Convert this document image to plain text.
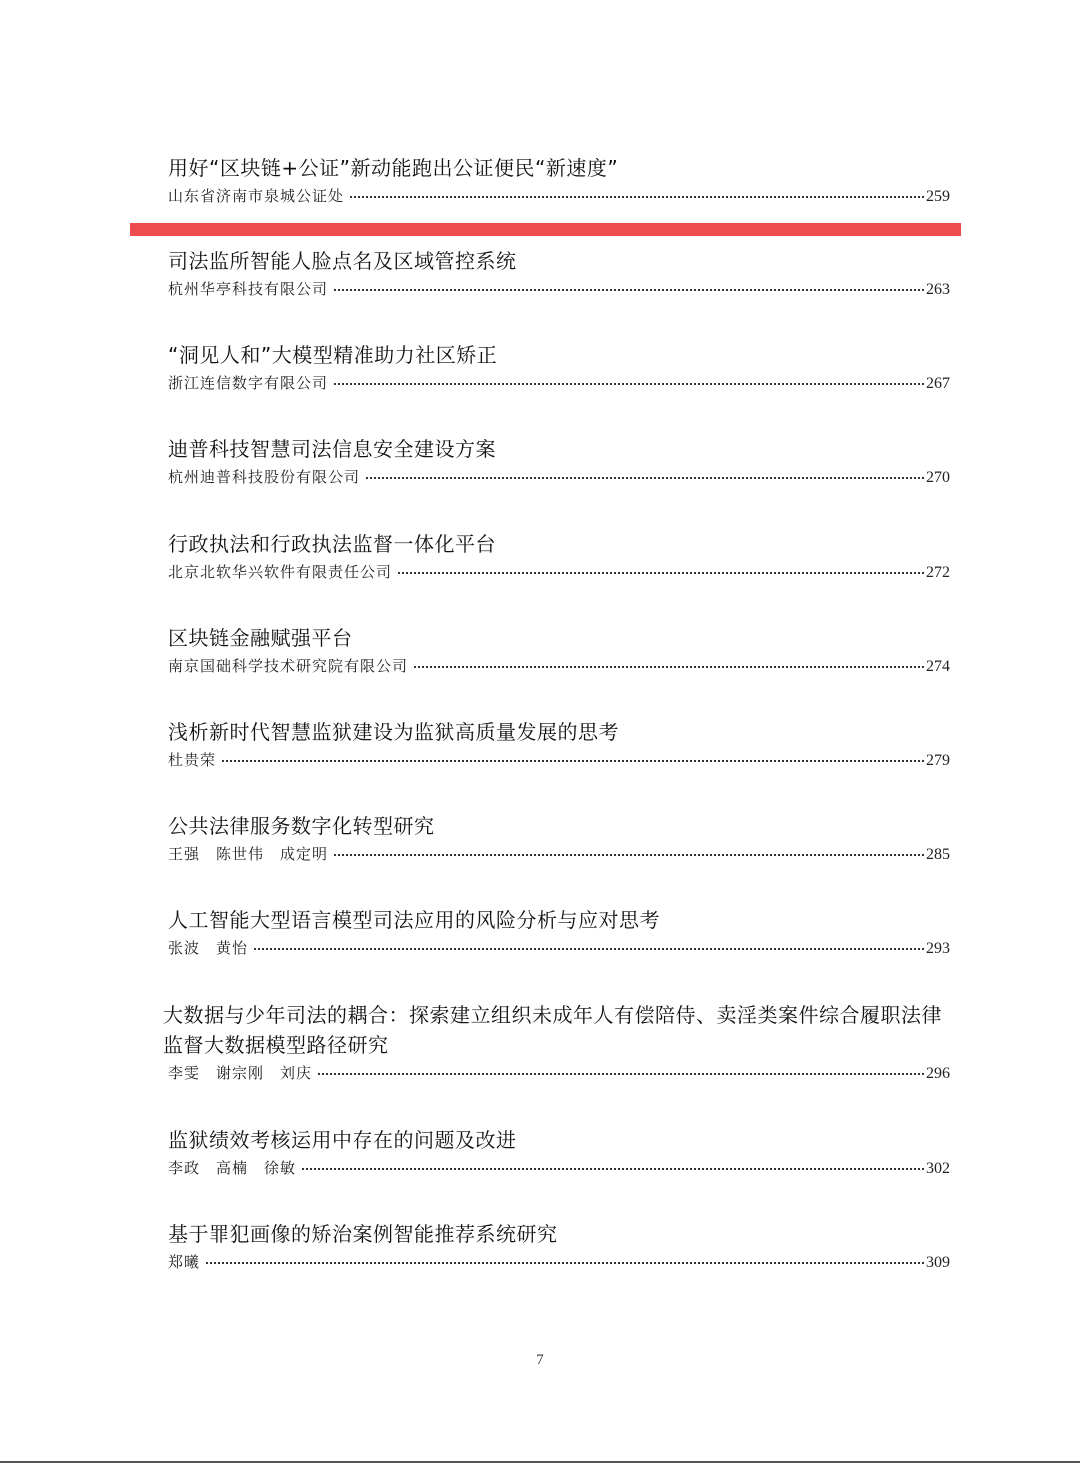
用好“区块链+公证”新动能跑出公证便民“新速度”
山东省济南市泉城公证处	259
司法监所智能人脸点名及区域管控系统
杭州华亭科技有限公司	263
“洞见人和”大模型精准助力社区矫正
浙江连信数字有限公司	267
迪普科技智慧司法信息安全建设方案
杭州迪普科技股份有限公司	270
行政执法和行政执法监督一体化平台
北京北软华兴软件有限责任公司	272
区块链金融赋强平台
南京国础科学技术研究院有限公司	274
浅析新时代智慧监狱建设为监狱高质量发展的思考
杜贵荣	279
公共法律服务数字化转型研究
王强　陈世伟　成定明	285
人工智能大型语言模型司法应用的风险分析与应对思考
张波　黄怡	293
大数据与少年司法的耦合：探索建立组织未成年人有偿陪侍、卖淫类案件综合履职法律监督大数据模型路径研究
李雯　谢宗刚　刘庆	296
监狱绩效考核运用中存在的问题及改进
李政　高楠　徐敏	302
基于罪犯画像的矫治案例智能推荐系统研究
郑曦	309
7
